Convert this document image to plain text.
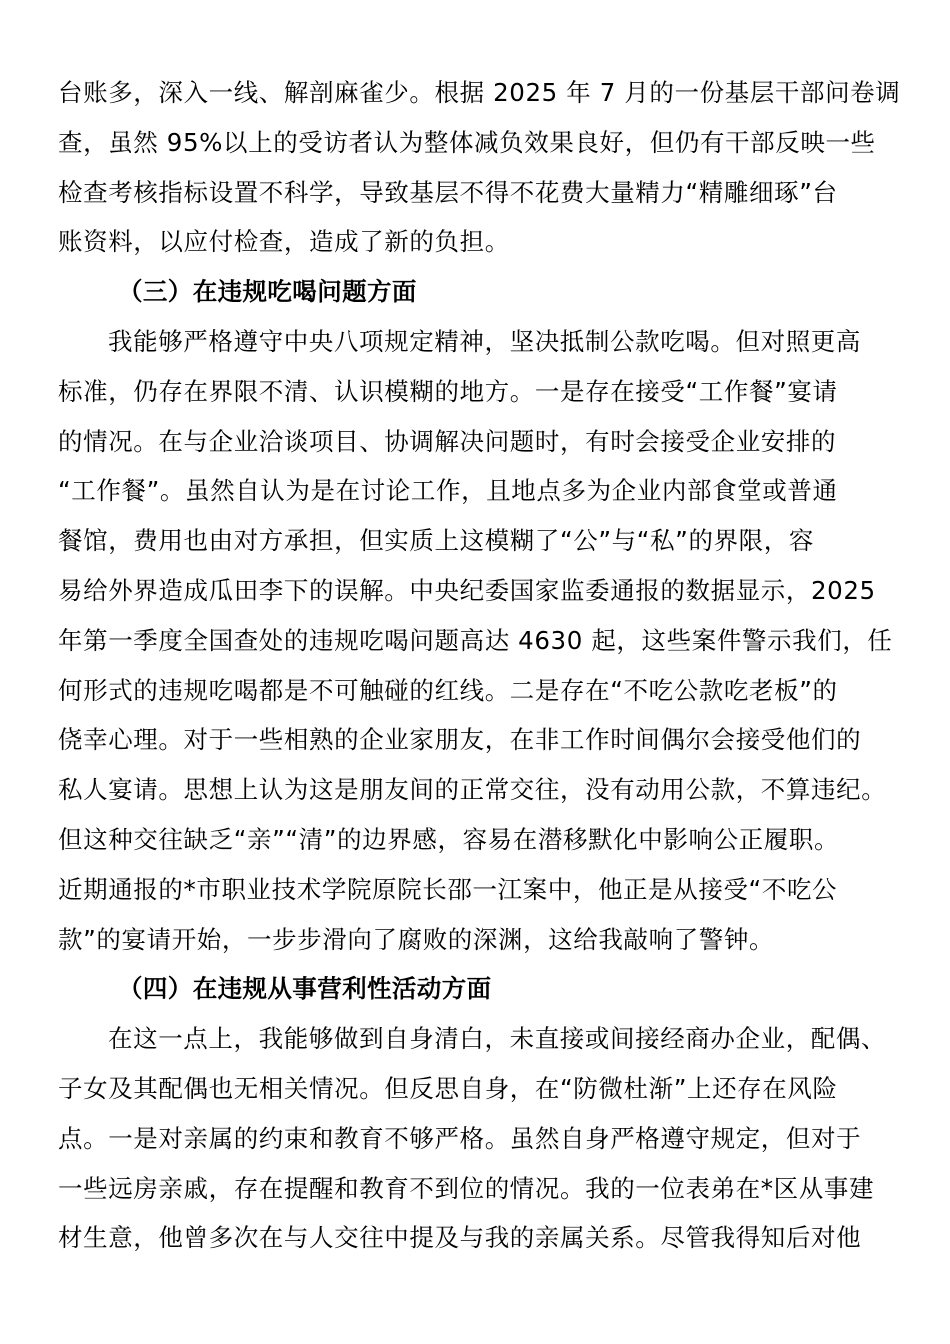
台账多，深入一线、解剖麻雀少。根据 2025 年 7 月的一份基层干部问卷调
查，虽然 95%以上的受访者认为整体减负效果良好，但仍有干部反映一些
检查考核指标设置不科学，导致基层不得不花费大量精力“精雕细琢”台
账资料，以应付检查，造成了新的负担。
（三）在违规吃喝问题方面
我能够严格遵守中央八项规定精神，坚决抵制公款吃喝。但对照更高
标准，仍存在界限不清、认识模糊的地方。一是存在接受“工作餐”宴请
的情况。在与企业洽谈项目、协调解决问题时，有时会接受企业安排的
“工作餐”。虽然自认为是在讨论工作，且地点多为企业内部食堂或普通
餐馆，费用也由对方承担，但实质上这模糊了“公”与“私”的界限，容
易给外界造成瓜田李下的误解。中央纪委国家监委通报的数据显示，2025
年第一季度全国查处的违规吃喝问题高达 4630 起，这些案件警示我们，任
何形式的违规吃喝都是不可触碰的红线。二是存在“不吃公款吃老板”的
侥幸心理。对于一些相熟的企业家朋友，在非工作时间偶尔会接受他们的
私人宴请。思想上认为这是朋友间的正常交往，没有动用公款，不算违纪。
但这种交往缺乏“亲”“清”的边界感，容易在潜移默化中影响公正履职。
近期通报的*市职业技术学院原院长邵一江案中，他正是从接受“不吃公
款”的宴请开始，一步步滑向了腐败的深渊，这给我敲响了警钟。
（四）在违规从事营利性活动方面
在这一点上，我能够做到自身清白，未直接或间接经商办企业，配偶、
子女及其配偶也无相关情况。但反思自身，在“防微杜渐”上还存在风险
点。一是对亲属的约束和教育不够严格。虽然自身严格遵守规定，但对于
一些远房亲戚，存在提醒和教育不到位的情况。我的一位表弟在*区从事建
材生意，他曾多次在与人交往中提及与我的亲属关系。尽管我得知后对他
